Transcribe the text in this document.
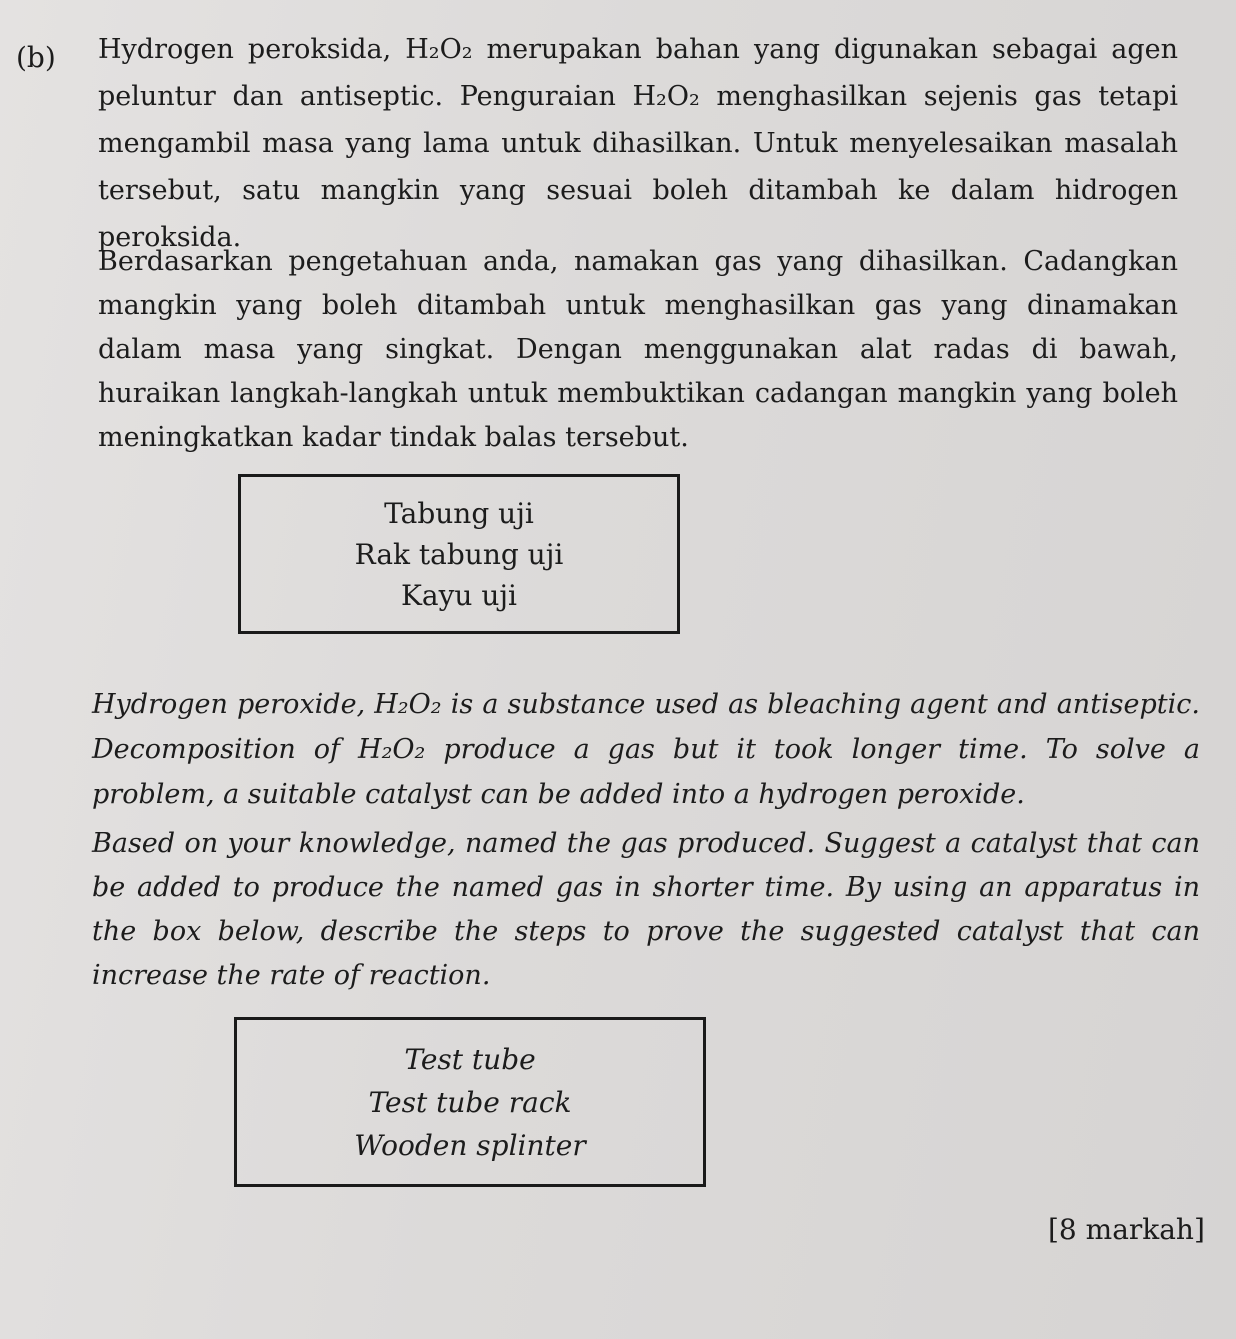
(b) Hydrogen peroksida, H₂O₂ merupakan bahan yang digunakan sebagai agen peluntur dan antiseptic. Penguraian H₂O₂ menghasilkan sejenis gas tetapi mengambil masa yang lama untuk dihasilkan. Untuk menyelesaikan masalah tersebut, satu mangkin yang sesuai boleh ditambah ke dalam hidrogen peroksida.

Berdasarkan pengetahuan anda, namakan gas yang dihasilkan. Cadangkan mangkin yang boleh ditambah untuk menghasilkan gas yang dinamakan dalam masa yang singkat. Dengan menggunakan alat radas di bawah, huraikan langkah-langkah untuk membuktikan cadangan mangkin yang boleh meningkatkan kadar tindak balas tersebut.

Tabung uji
Rak tabung uji
Kayu uji

Hydrogen peroxide, H₂O₂ is a substance used as bleaching agent and antiseptic. Decomposition of H₂O₂ produce a gas but it took longer time. To solve a problem, a suitable catalyst can be added into a hydrogen peroxide.

Based on your knowledge, named the gas produced. Suggest a catalyst that can be added to produce the named gas in shorter time. By using an apparatus in the box below, describe the steps to prove the suggested catalyst that can increase the rate of reaction.

Test tube
Test tube rack
Wooden splinter
[8 markah]
